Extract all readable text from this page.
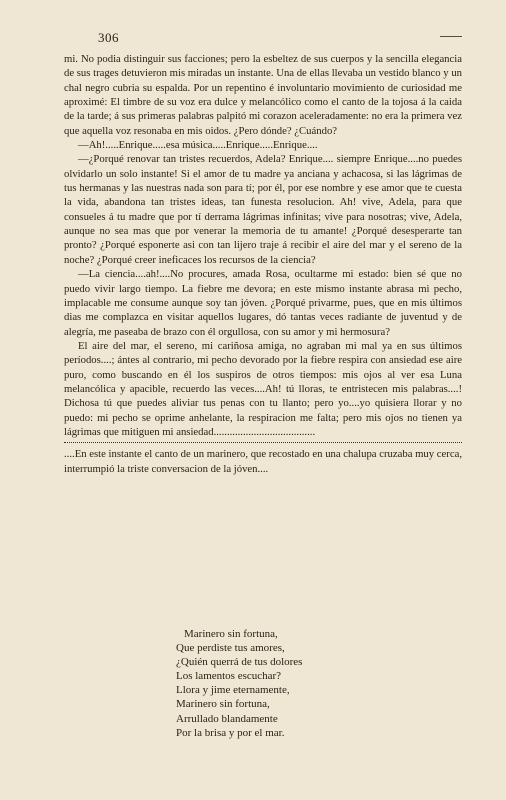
306

mi. No podia distinguir sus facciones; pero la esbeltez de sus cuerpos y la sencilla elegancia de sus trages detuvieron mis miradas un instante. Una de ellas llevaba un vestido blanco y un chal negro cubria su espalda. Por un repentino é involuntario movimiento de curiosidad me aproximé: El timbre de su voz era dulce y melancólico como el canto de la tojosa á la caida de la tarde; á sus primeras palabras palpitó mi corazon aceleradamente: no era la primera vez que aquella voz resonaba en mis oidos. ¿Pero dónde? ¿Cuándo?

—Ah!.....Enrique.....esa música.....Enrique.....Enrique....

—¿Porqué renovar tan tristes recuerdos, Adela? Enrique.... siempre Enrique....no puedes olvidarlo un solo instante! Si el amor de tu madre ya anciana y achacosa, si las lágrimas de tus hermanas y las nuestras nada son para tí; por él, por ese nombre y ese amor que te cuesta la vida, abandona tan tristes ideas, tan funesta resolucion. Ah! vive, Adela, para que consueles á tu madre que por tí derrama lágrimas infinitas; vive para nosotras; vive, Adela, aunque no sea mas que por venerar la memoria de tu amante! ¿Porqué desesperarte tan pronto? ¿Porqué esponerte asi con tan lijero traje á recibir el aire del mar y el sereno de la noche? ¿Porqué creer ineficaces los recursos de la ciencia?

—La ciencia....ah!....No procures, amada Rosa, ocultarme mi estado: bien sé que no puedo vivir largo tiempo. La fiebre me devora; en este mismo instante abrasa mi pecho, implacable me consume aunque soy tan jóven. ¿Porqué privarme, pues, que en mis últimos dias me complazca en visitar aquellos lugares, dó tantas veces radiante de juventud y de alegría, me paseaba de brazo con él orgullosa, con su amor y mi hermosura?

El aire del mar, el sereno, mi cariñosa amiga, no agraban mi mal ya en sus últimos períodos....; ántes al contrario, mi pecho devorado por la fiebre respira con ansiedad ese aire puro, como buscando en él los suspiros de otros tiempos: mis ojos al ver esa Luna melancólica y apacible, recuerdo las veces....Ah! tú lloras, te entristecen mis palabras....! Dichosa tú que puedes aliviar tus penas con tu llanto; pero yo....yo quisiera llorar y no puedo: mi pecho se oprime anhelante, la respiracion me falta; pero mis ojos no tienen ya lágrimas que mitiguen mi ansiedad......................................

....En este instante el canto de un marinero, que recostado en una chalupa cruzaba muy cerca, interrumpió la triste conversacion de la jóven....

Marinero sin fortuna,
Que perdiste tus amores,
¿Quién querrá de tus dolores
Los lamentos escuchar?
Llora y jime eternamente,
Marinero sin fortuna,
Arrullado blandamente
Por la brisa y por el mar.
